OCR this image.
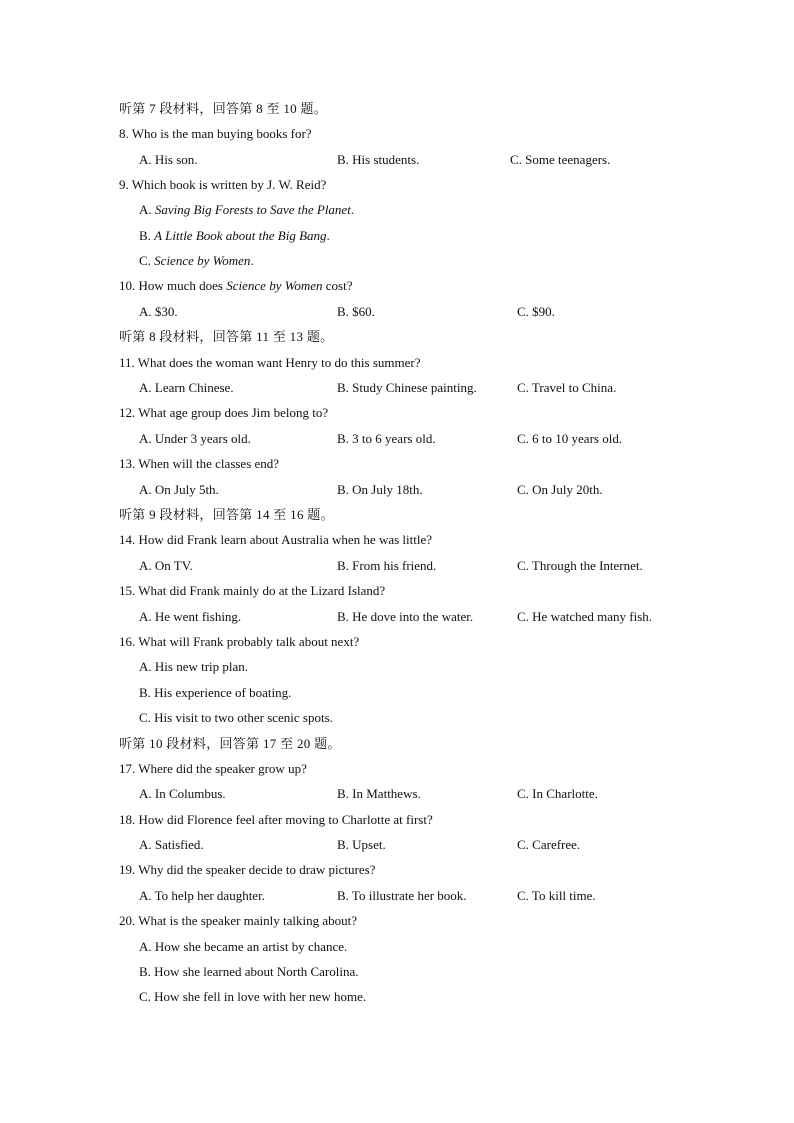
听第 7 段材料，回答第 8 至 10 题。
8. Who is the man buying books for?
A. His son.	B. His students.	C. Some teenagers.
9. Which book is written by J. W. Reid?
A. Saving Big Forests to Save the Planet.
B. A Little Book about the Big Bang.
C. Science by Women.
10. How much does Science by Women cost?
A. $30.	B. $60.	C. $90.
听第 8 段材料，回答第 11 至 13 题。
11. What does the woman want Henry to do this summer?
A. Learn Chinese.	B. Study Chinese painting.	C. Travel to China.
12. What age group does Jim belong to?
A. Under 3 years old.	B. 3 to 6 years old.	C. 6 to 10 years old.
13. When will the classes end?
A. On July 5th.	B. On July 18th.	C. On July 20th.
听第 9 段材料，回答第 14 至 16 题。
14. How did Frank learn about Australia when he was little?
A. On TV.	B. From his friend.	C. Through the Internet.
15. What did Frank mainly do at the Lizard Island?
A. He went fishing.	B. He dove into the water.	C. He watched many fish.
16. What will Frank probably talk about next?
A. His new trip plan.
B. His experience of boating.
C. His visit to two other scenic spots.
听第 10 段材料，回答第 17 至 20 题。
17. Where did the speaker grow up?
A. In Columbus.	B. In Matthews.	C. In Charlotte.
18. How did Florence feel after moving to Charlotte at first?
A. Satisfied.	B. Upset.	C. Carefree.
19. Why did the speaker decide to draw pictures?
A. To help her daughter.	B. To illustrate her book.	C. To kill time.
20. What is the speaker mainly talking about?
A. How she became an artist by chance.
B. How she learned about North Carolina.
C. How she fell in love with her new home.
